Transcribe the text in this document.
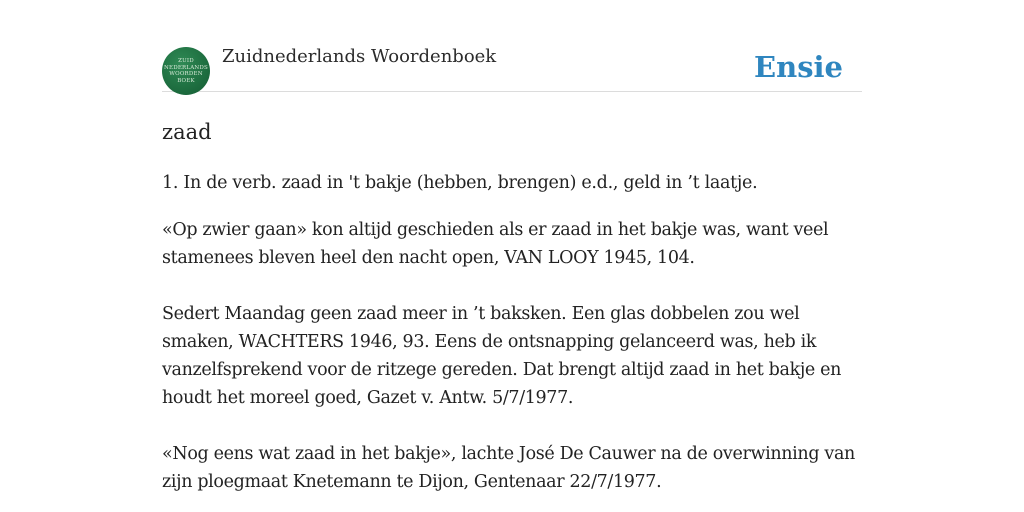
ZUID
NEDERLANDS
WOORDEN
BOEK
Zuidnederlands Woordenboek	Ensie
zaad
1. In de verb. zaad in 't bakje (hebben, brengen) e.d., geld in ’t laatje.
«Op zwier gaan» kon altijd geschieden als er zaad in het bakje was, want veel stamenees bleven heel den nacht open, VAN LOOY 1945, 104.
Sedert Maandag geen zaad meer in ’t baksken. Een glas dobbelen zou wel smaken, WACHTERS 1946, 93. Eens de ontsnapping gelanceerd was, heb ik vanzelfsprekend voor de ritzege gereden. Dat brengt altijd zaad in het bakje en houdt het moreel goed, Gazet v. Antw. 5/7/1977.
«Nog eens wat zaad in het bakje», lachte José De Cauwer na de overwinning van zijn ploegmaat Knetemann te Dijon, Gentenaar 22/7/1977.
